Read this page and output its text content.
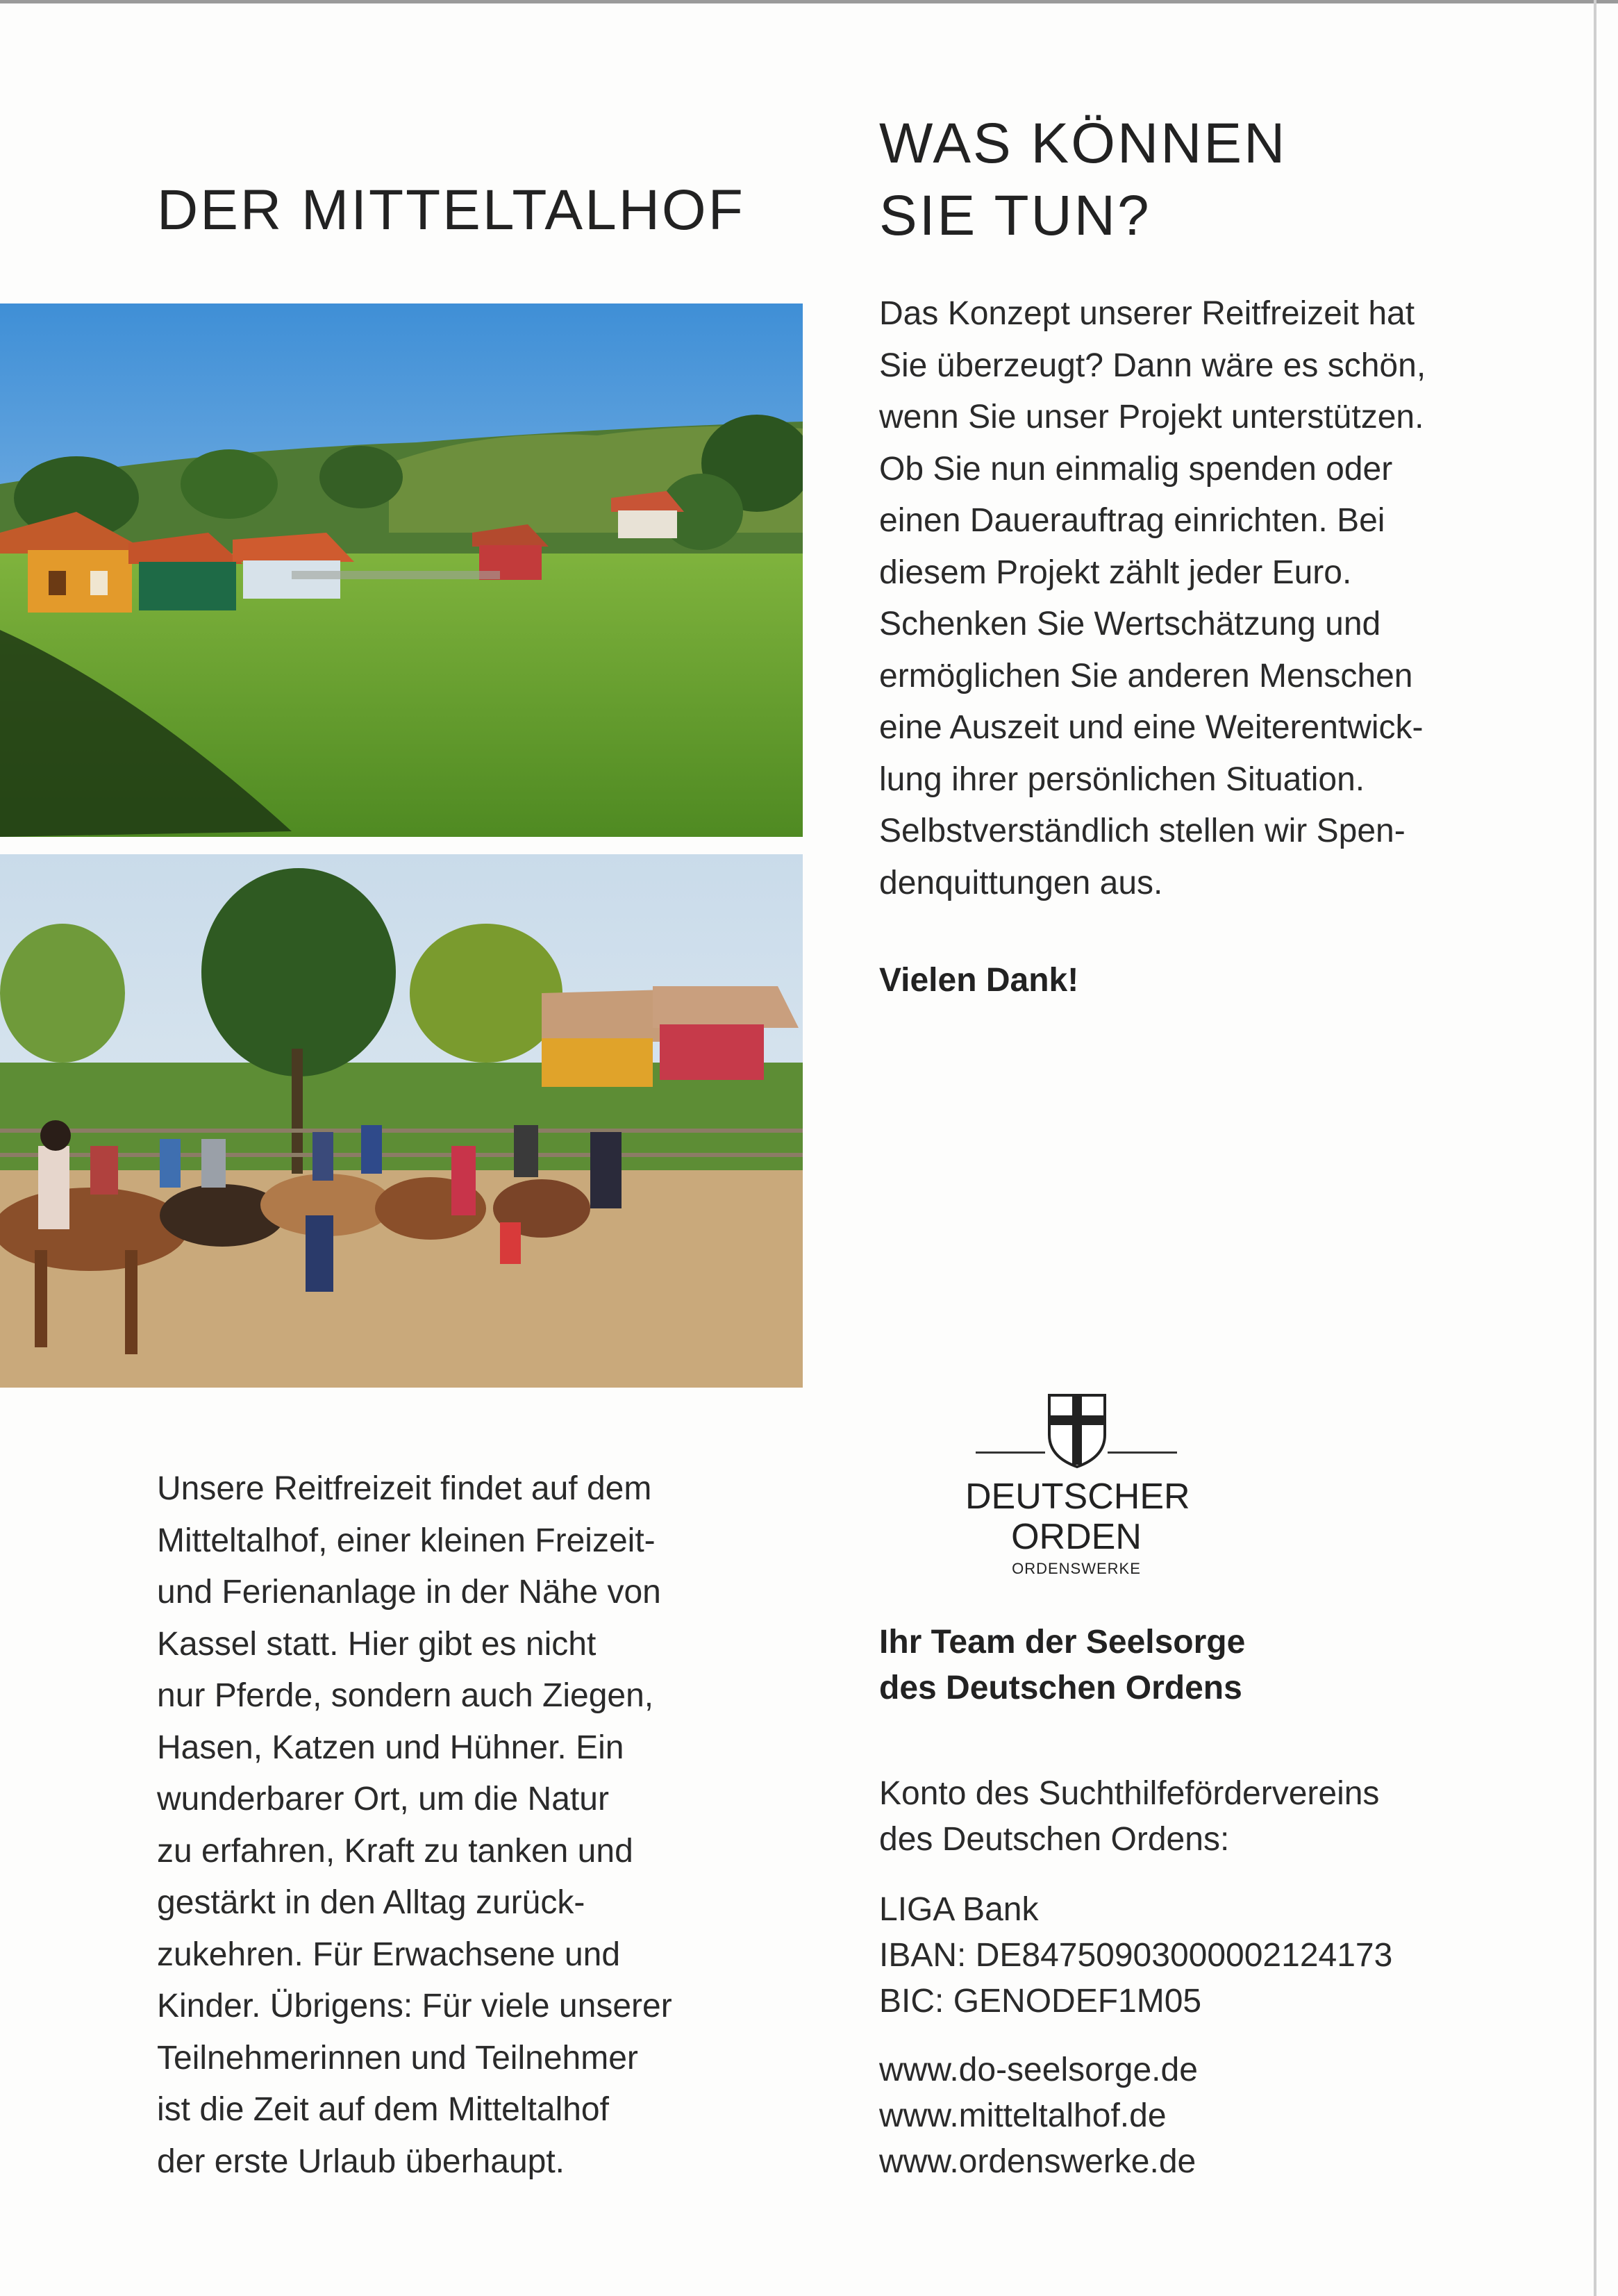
DER MITTELTALHOF
Unsere Reitfreizeit findet auf dem
Mitteltalhof, einer kleinen Freizeit-
und Ferienanlage in der Nähe von
Kassel statt. Hier gibt es nicht
nur Pferde, sondern auch Ziegen,
Hasen, Katzen und Hühner. Ein
wunderbarer Ort, um die Natur
zu erfahren, Kraft zu tanken und
gestärkt in den Alltag zurück-
zukehren. Für Erwachsene und
Kinder. Übrigens: Für viele unserer
Teilnehmerinnen und Teilnehmer
ist die Zeit auf dem Mitteltalhof
der erste Urlaub überhaupt.
WAS KÖNNEN
SIE TUN?
Das Konzept unserer Reitfreizeit hat
Sie überzeugt? Dann wäre es schön,
wenn Sie unser Projekt unterstützen.
Ob Sie nun einmalig spenden oder
einen Dauerauftrag einrichten. Bei
diesem Projekt zählt jeder Euro.
Schenken Sie Wertschätzung und
ermöglichen Sie anderen Menschen
eine Auszeit und eine Weiterentwick-
lung ihrer persönlichen Situation.
Selbstverständlich stellen wir Spen-
denquittungen aus.
Vielen Dank!
DEUTSCHER
ORDEN
ORDENSWERKE
Ihr Team der Seelsorge
des Deutschen Ordens
Konto des Suchthilfefördervereins
des Deutschen Ordens:
LIGA Bank
IBAN: DE84750903000002124173
BIC: GENODEF1M05
www.do-seelsorge.de
www.mitteltalhof.de
www.ordenswerke.de
